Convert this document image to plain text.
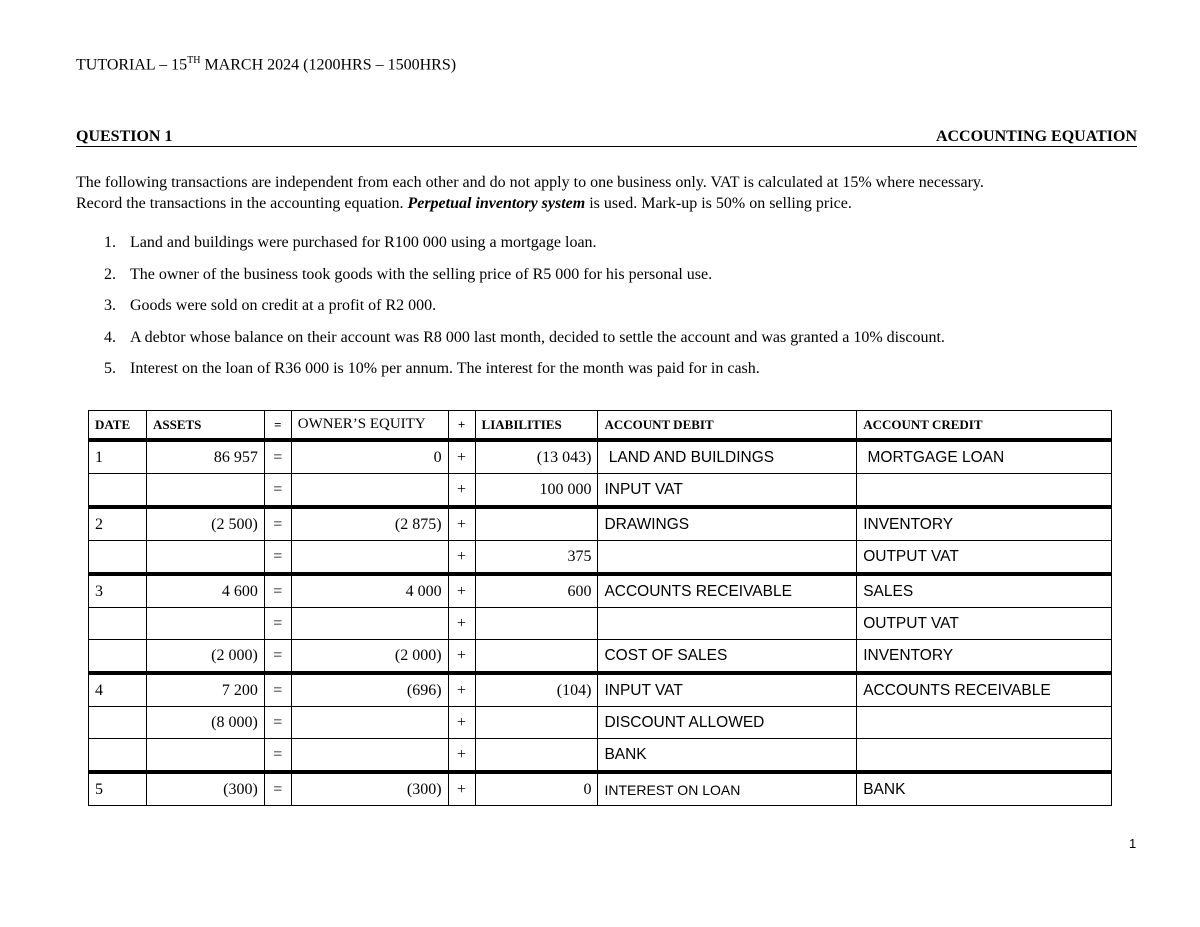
TUTORIAL – 15TH MARCH 2024 (1200HRS – 1500HRS)
QUESTION 1	ACCOUNTING EQUATION

The following transactions are independent from each other and do not apply to one business only. VAT is calculated at 15% where necessary.

Record the transactions in the accounting equation. Perpetual inventory system is used. Mark-up is 50% on selling price.

1. Land and buildings were purchased for R100 000 using a mortgage loan.
2. The owner of the business took goods with the selling price of R5 000 for his personal use.
3. Goods were sold on credit at a profit of R2 000.
4. A debtor whose balance on their account was R8 000 last month, decided to settle the account and was granted a 10% discount.
5. Interest on the loan of R36 000 is 10% per annum. The interest for the month was paid for in cash.
DATE	ASSETS	=	OWNER’S EQUITY	+	LIABILITIES	ACCOUNT DEBIT	ACCOUNT CREDIT
1	86 957	=	0	+	(13 043)	LAND AND BUILDINGS	MORTGAGE LOAN
		=		+	100 000	INPUT VAT	
2	(2 500)	=	(2 875)	+		DRAWINGS	INVENTORY
		=		+	375		OUTPUT VAT
3	4 600	=	4 000	+	600	ACCOUNTS RECEIVABLE	SALES
		=		+			OUTPUT VAT
	(2 000)	=	(2 000)	+		COST OF SALES	INVENTORY
4	7 200	=	(696)	+	(104)	INPUT VAT	ACCOUNTS RECEIVABLE
	(8 000)	=		+		DISCOUNT ALLOWED	
		=		+		BANK	
5	(300)	=	(300)	+	0	INTEREST ON LOAN	BANK
1
